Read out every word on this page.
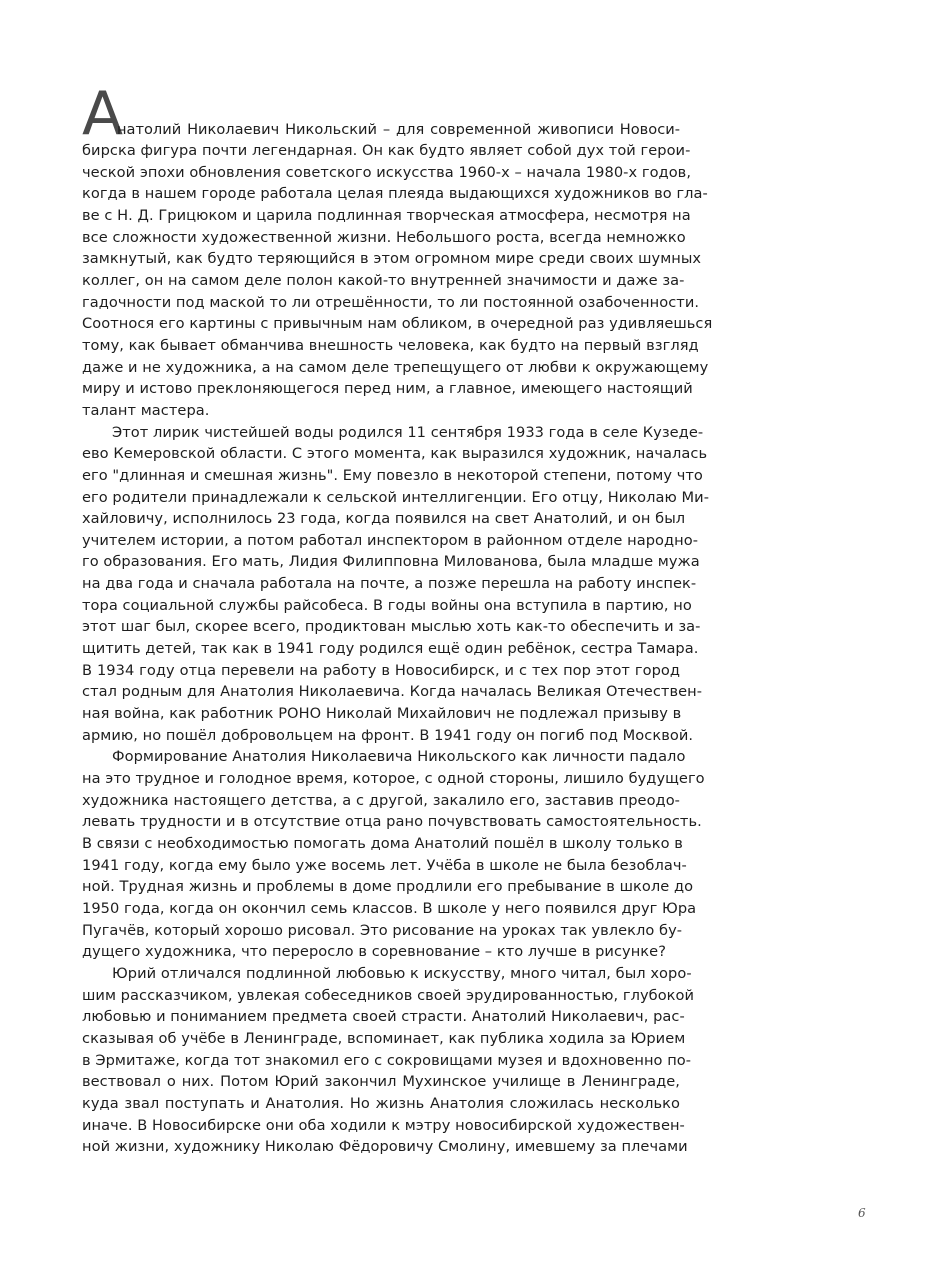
А
натолий Николаевич Никольский – для современной живописи Новоси-
бирска фигура почти легендарная. Он как будто являет собой дух той герои-
ческой эпохи обновления советского искусства 1960-х – начала 1980-х годов,
когда в нашем городе работала целая плеяда выдающихся художников во гла-
ве с Н. Д. Грицюком и царила подлинная творческая атмосфера, несмотря на
все сложности художественной жизни. Небольшого роста, всегда немножко
замкнутый, как будто теряющийся в этом огромном мире среди своих шумных
коллег, он на самом деле полон какой-то внутренней значимости и даже за-
гадочности под маской то ли отрешённости, то ли постоянной озабоченности.
Соотнося его картины с привычным нам обликом, в очередной раз удивляешься
тому, как бывает обманчива внешность человека, как будто на первый взгляд
даже и не художника, а на самом деле трепещущего от любви к окружающему
миру и истово преклоняющегося перед ним, а главное, имеющего настоящий
талант мастера.
Этот лирик чистейшей воды родился 11 сентября 1933 года в селе Кузеде-
ево Кемеровской области. С этого момента, как выразился художник, началась
его "длинная и смешная жизнь". Ему повезло в некоторой степени, потому что
его родители принадлежали к сельской интеллигенции. Его отцу, Николаю Ми-
хайловичу, исполнилось 23 года, когда появился на свет Анатолий, и он был
учителем истории, а потом работал инспектором в районном отделе народно-
го образования. Его мать, Лидия Филипповна Милованова, была младше мужа
на два года и сначала работала на почте, а позже перешла на работу инспек-
тора социальной службы райсобеса. В годы войны она вступила в партию, но
этот шаг был, скорее всего, продиктован мыслью хоть как-то обеспечить и за-
щитить детей, так как в 1941 году родился ещё один ребёнок, сестра Тамара.
В 1934 году отца перевели на работу в Новосибирск, и с тех пор этот город
стал родным для Анатолия Николаевича. Когда началась Великая Отечествен-
ная война, как работник РОНО Николай Михайлович не подлежал призыву в
армию, но пошёл добровольцем на фронт. В 1941 году он погиб под Москвой.
Формирование Анатолия Николаевича Никольского как личности падало
на это трудное и голодное время, которое, с одной стороны, лишило будущего
художника настоящего детства, а с другой, закалило его, заставив преодо-
левать трудности и в отсутствие отца рано почувствовать самостоятельность.
В связи с необходимостью помогать дома Анатолий пошёл в школу только в
1941 году, когда ему было уже восемь лет. Учёба в школе не была безоблач-
ной. Трудная жизнь и проблемы в доме продлили его пребывание в школе до
1950 года, когда он окончил семь классов. В школе у него появился друг Юра
Пугачёв, который хорошо рисовал. Это рисование на уроках так увлекло бу-
дущего художника, что переросло в соревнование – кто лучше в рисунке?
Юрий отличался подлинной любовью к искусству, много читал, был хоро-
шим рассказчиком, увлекая собеседников своей эрудированностью, глубокой
любовью и пониманием предмета своей страсти. Анатолий Николаевич, рас-
сказывая об учёбе в Ленинграде, вспоминает, как публика ходила за Юрием
в Эрмитаже, когда тот знакомил его с сокровищами музея и вдохновенно по-
вествовал о них. Потом Юрий закончил Мухинское училище в Ленинграде,
куда звал поступать и Анатолия. Но жизнь Анатолия сложилась несколько
иначе. В Новосибирске они оба ходили к мэтру новосибирской художествен-
ной жизни, художнику Николаю Фёдоровичу Смолину, имевшему за плечами
6
